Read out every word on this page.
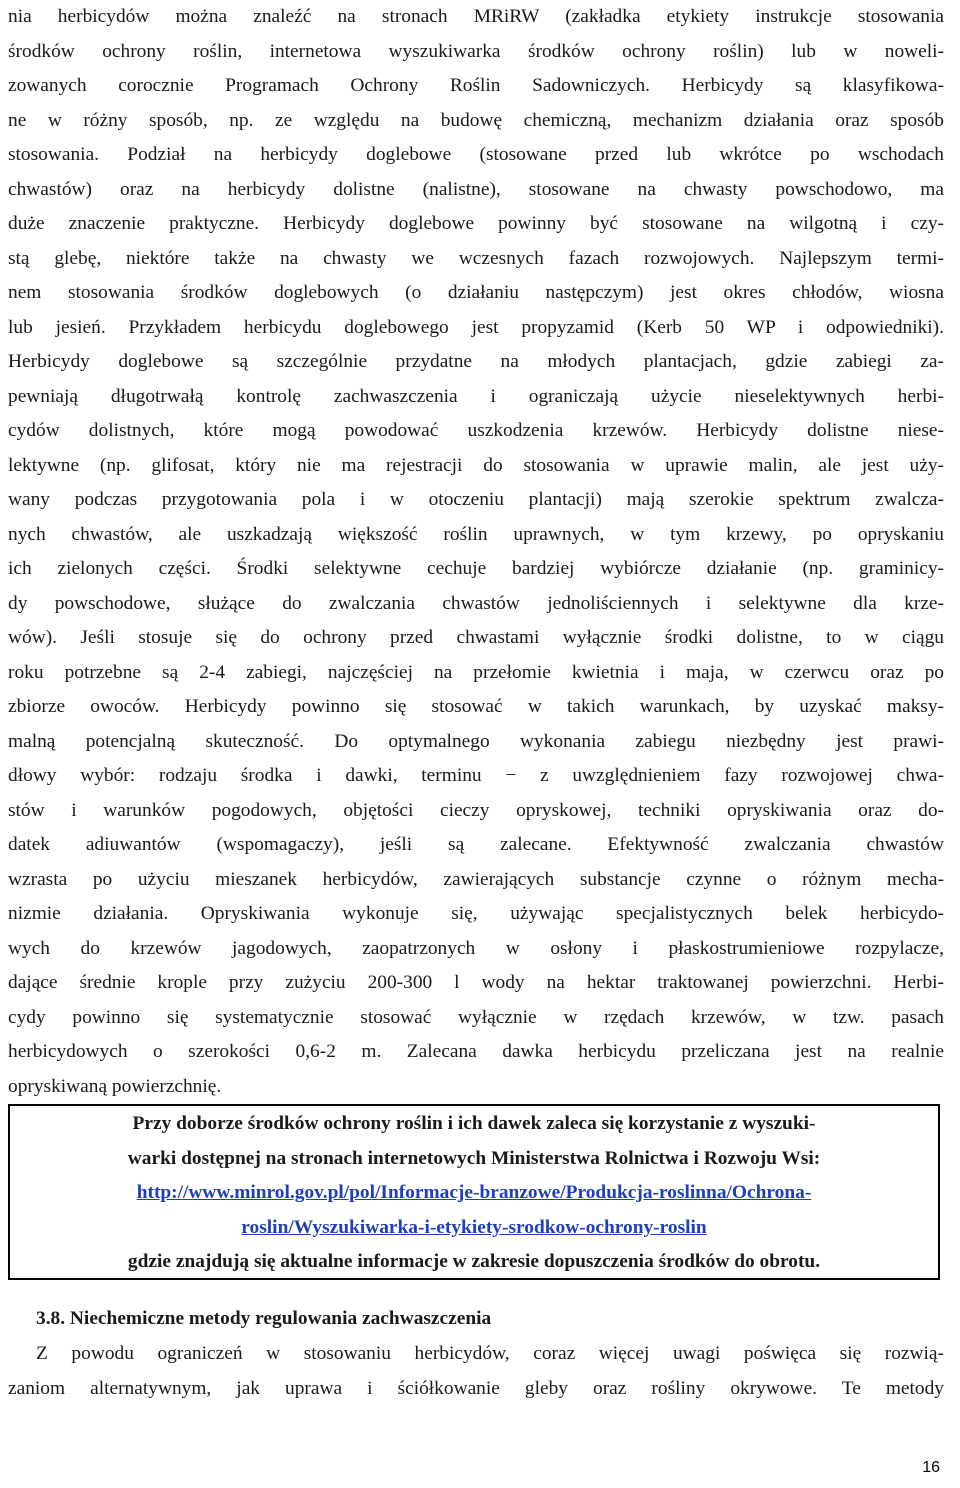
nia herbicydów można znaleźć na stronach MRiRW (zakładka etykiety instrukcje stosowania
środków ochrony roślin, internetowa wyszukiwarka środków ochrony roślin) lub w noweli-
zowanych corocznie Programach Ochrony Roślin Sadowniczych. Herbicydy są klasyfikowa-
ne w różny sposób, np. ze względu na budowę chemiczną, mechanizm działania oraz sposób
stosowania. Podział na herbicydy doglebowe (stosowane przed lub wkrótce po wschodach
chwastów) oraz na herbicydy dolistne (nalistne), stosowane na chwasty powschodowo, ma
duże znaczenie praktyczne. Herbicydy doglebowe powinny być stosowane na wilgotną i czy-
stą glebę, niektóre także na chwasty we wczesnych fazach rozwojowych. Najlepszym termi-
nem stosowania środków doglebowych (o działaniu następczym) jest okres chłodów, wiosna
lub jesień. Przykładem herbicydu doglebowego jest propyzamid (Kerb 50 WP i odpowiedniki).
Herbicydy doglebowe są szczególnie przydatne na młodych plantacjach, gdzie zabiegi za-
pewniają długotrwałą kontrolę zachwaszczenia i ograniczają użycie nieselektywnych herbi-
cydów dolistnych, które mogą powodować uszkodzenia krzewów. Herbicydy dolistne niese-
lektywne (np. glifosat, który nie ma rejestracji do stosowania w uprawie malin, ale jest uży-
wany podczas przygotowania pola i w otoczeniu plantacji) mają szerokie spektrum zwalcza-
nych chwastów, ale uszkadzają większość roślin uprawnych, w tym krzewy, po opryskaniu
ich zielonych części. Środki selektywne cechuje bardziej wybiórcze działanie (np. graminicy-
dy powschodowe, służące do zwalczania chwastów jednoliściennych i selektywne dla krze-
wów). Jeśli stosuje się do ochrony przed chwastami wyłącznie środki dolistne, to w ciągu
roku potrzebne są 2-4 zabiegi, najczęściej na przełomie kwietnia i maja, w czerwcu oraz po
zbiorze owoców. Herbicydy powinno się stosować w takich warunkach, by uzyskać maksy-
malną potencjalną skuteczność. Do optymalnego wykonania zabiegu niezbędny jest prawi-
dłowy wybór: rodzaju środka i dawki, terminu − z uwzględnieniem fazy rozwojowej chwa-
stów i warunków pogodowych, objętości cieczy opryskowej, techniki opryskiwania oraz do-
datek adiuwantów (wspomagaczy), jeśli są zalecane. Efektywność zwalczania chwastów
wzrasta po użyciu mieszanek herbicydów, zawierających substancje czynne o różnym mecha-
nizmie działania. Opryskiwania wykonuje się, używając specjalistycznych belek herbicydo-
wych do krzewów jagodowych, zaopatrzonych w osłony i płaskostrumieniowe rozpylacze,
dające średnie krople przy zużyciu 200-300 l wody na hektar traktowanej powierzchni. Herbi-
cydy powinno się systematycznie stosować wyłącznie w rzędach krzewów, w tzw. pasach
herbicydowych o szerokości 0,6-2 m. Zalecana dawka herbicydu przeliczana jest na realnie
opryskiwaną powierzchnię.
Przy doborze środków ochrony roślin i ich dawek zaleca się korzystanie z wyszuki-
warki dostępnej na stronach internetowych Ministerstwa Rolnictwa i Rozwoju Wsi:
http://www.minrol.gov.pl/pol/Informacje-branzowe/Produkcja-roslinna/Ochrona-
roslin/Wyszukiwarka-i-etykiety-srodkow-ochrony-roslin
gdzie znajdują się aktualne informacje w zakresie dopuszczenia środków do obrotu.
3.8. Niechemiczne metody regulowania zachwaszczenia
Z powodu ograniczeń w stosowaniu herbicydów, coraz więcej uwagi poświęca się rozwią-
zaniom alternatywnym, jak uprawa i ściółkowanie gleby oraz rośliny okrywowe. Te metody
16
